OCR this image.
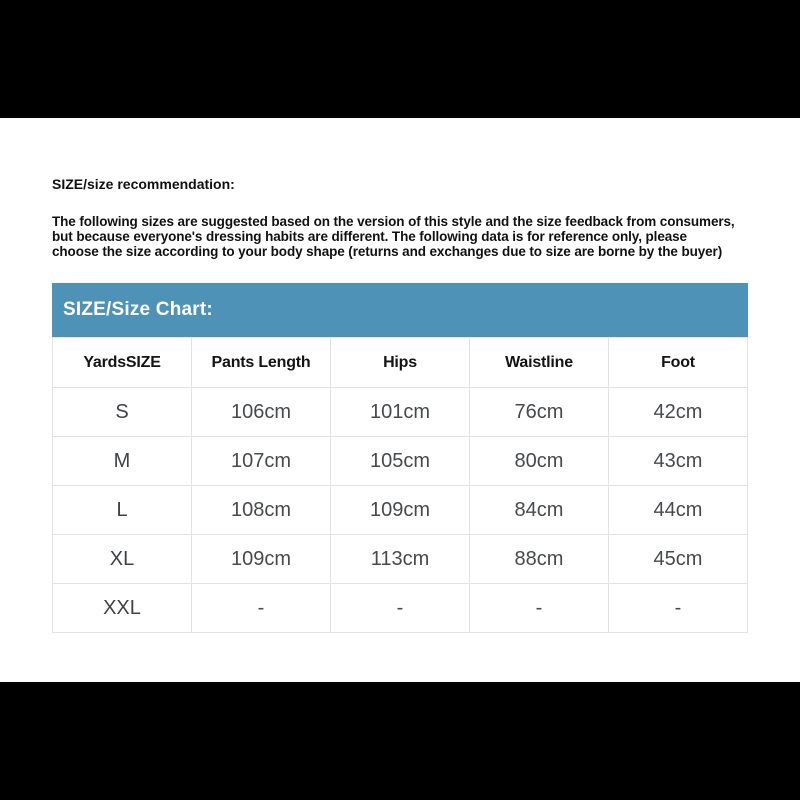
SIZE/size recommendation:
The following sizes are suggested based on the version of this style and the size feedback from consumers,
but because everyone's dressing habits are different. The following data is for reference only, please
choose the size according to your body shape (returns and exchanges due to size are borne by the buyer)
SIZE/Size Chart:
YardsSIZE	Pants Length	Hips	Waistline	Foot
S	106cm	101cm	76cm	42cm
M	107cm	105cm	80cm	43cm
L	108cm	109cm	84cm	44cm
XL	109cm	113cm	88cm	45cm
XXL	-	-	-	-
